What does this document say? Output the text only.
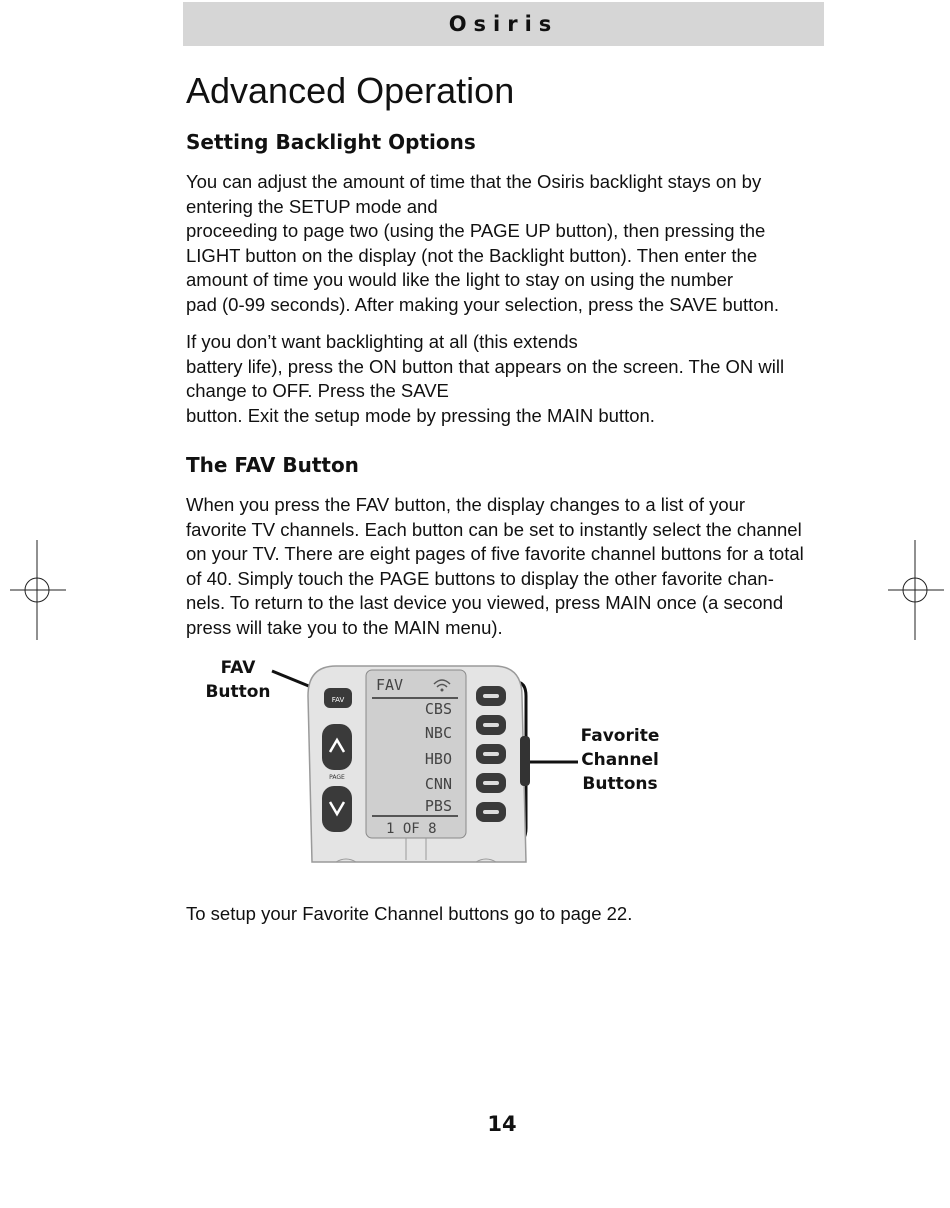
Osiris
Advanced Operation
Setting Backlight Options

You can adjust the amount of time that the Osiris backlight stays on by
entering the SETUP mode and
proceeding to page two (using the PAGE UP button), then pressing the
LIGHT button on the display (not the Backlight button). Then enter the
amount of time you would like the light to stay on using the number
pad (0-99 seconds). After making your selection, press the SAVE button.

If you don’t want backlighting at all (this extends
battery life), press the ON button that appears on the screen. The ON will
change to OFF. Press the SAVE
button. Exit the setup mode by pressing the MAIN button.

The FAV Button

When you press the FAV button, the display changes to a list of your
favorite TV channels. Each button can be set to instantly select the channel
on your TV. There are eight pages of five favorite channel buttons for a total
of 40. Simply touch the PAGE buttons to display the other favorite chan-
nels. To return to the last device you viewed, press MAIN once (a second
press will take you to the MAIN menu).

FAV
Button
Favorite
Channel
Buttons
FAV
PAGE
FAV
CBS
NBC
HBO
CNN
PBS
1 OF 8

To setup your Favorite Channel buttons go to page 22.

14
